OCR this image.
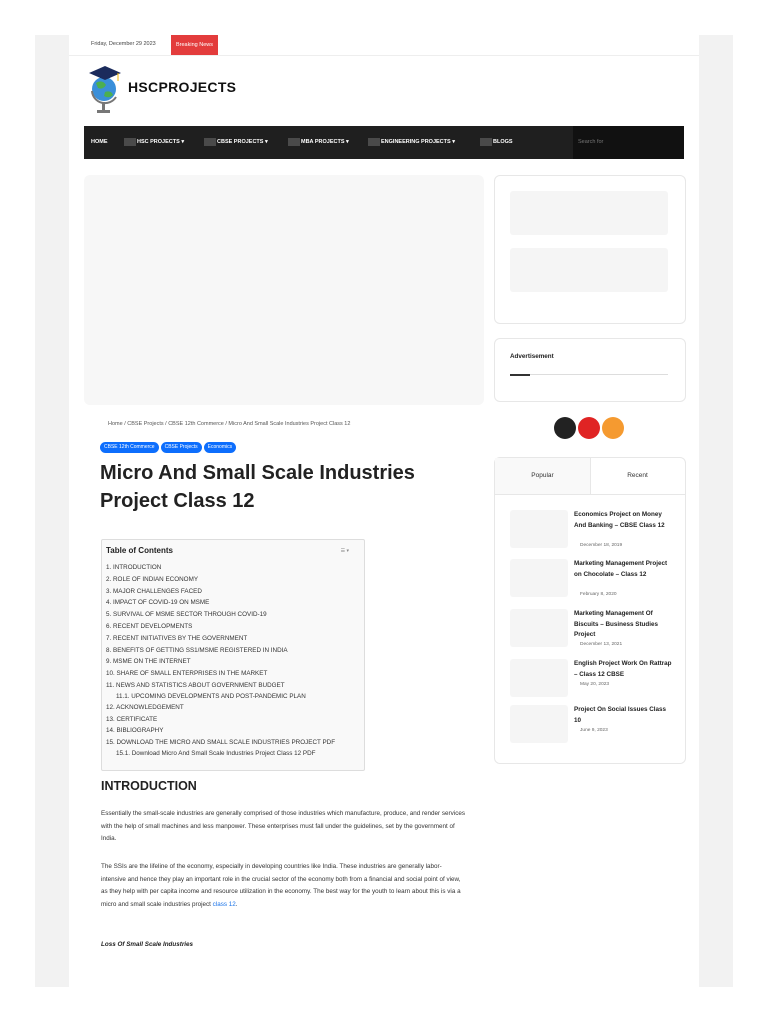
Friday, December 29 2023	Breaking News
HSCPROJECTS
HOME	HSC PROJECTS ▾	CBSE PROJECTS ▾	MBA PROJECTS ▾	ENGINEERING PROJECTS ▾	BLOGS	Search for
Home / CBSE Projects / CBSE 12th Commerce / Micro And Small Scale Industries Project Class 12
CBSE 12th Commerce CBSE Projects Economics
Micro And Small Scale Industries Project Class 12
Table of Contents	☰ ▾
1. INTRODUCTION
2. ROLE OF INDIAN ECONOMY
3. MAJOR CHALLENGES FACED
4. IMPACT OF COVID-19 ON MSME
5. SURVIVAL OF MSME SECTOR THROUGH COVID-19
6. RECENT DEVELOPMENTS
7. RECENT INITIATIVES BY THE GOVERNMENT
8. BENEFITS OF GETTING SS1/MSME REGISTERED IN INDIA
9. MSME ON THE INTERNET
10. SHARE OF SMALL ENTERPRISES IN THE MARKET
11. NEWS AND STATISTICS ABOUT GOVERNMENT BUDGET
11.1. UPCOMING DEVELOPMENTS AND POST-PANDEMIC PLAN
12. ACKNOWLEDGEMENT
13. CERTIFICATE
14. BIBLIOGRAPHY
15. DOWNLOAD THE MICRO AND SMALL SCALE INDUSTRIES PROJECT PDF
15.1. Download Micro And Small Scale Industries Project Class 12 PDF
INTRODUCTION
Essentially the small-scale industries are generally comprised of those industries which manufacture, produce, and render services with the help of small machines and less manpower. These enterprises must fall under the guidelines, set by the government of India.
The SSIs are the lifeline of the economy, especially in developing countries like India. These industries are generally labor-intensive and hence they play an important role in the crucial sector of the economy both from a financial and social point of view, as they help with per capita income and resource utilization in the economy. The best way for the youth to learn about this is via a micro and small scale industries project class 12.
Loss Of Small Scale Industries
Advertisement
Popular	Recent
Economics Project on Money And Banking – CBSE Class 12
December 18, 2019
Marketing Management Project on Chocolate – Class 12
February 8, 2020
Marketing Management Of Biscuits – Business Studies Project
December 13, 2021
English Project Work On Rattrap – Class 12 CBSE
May 20, 2023
Project On Social Issues Class 10
June 9, 2023
